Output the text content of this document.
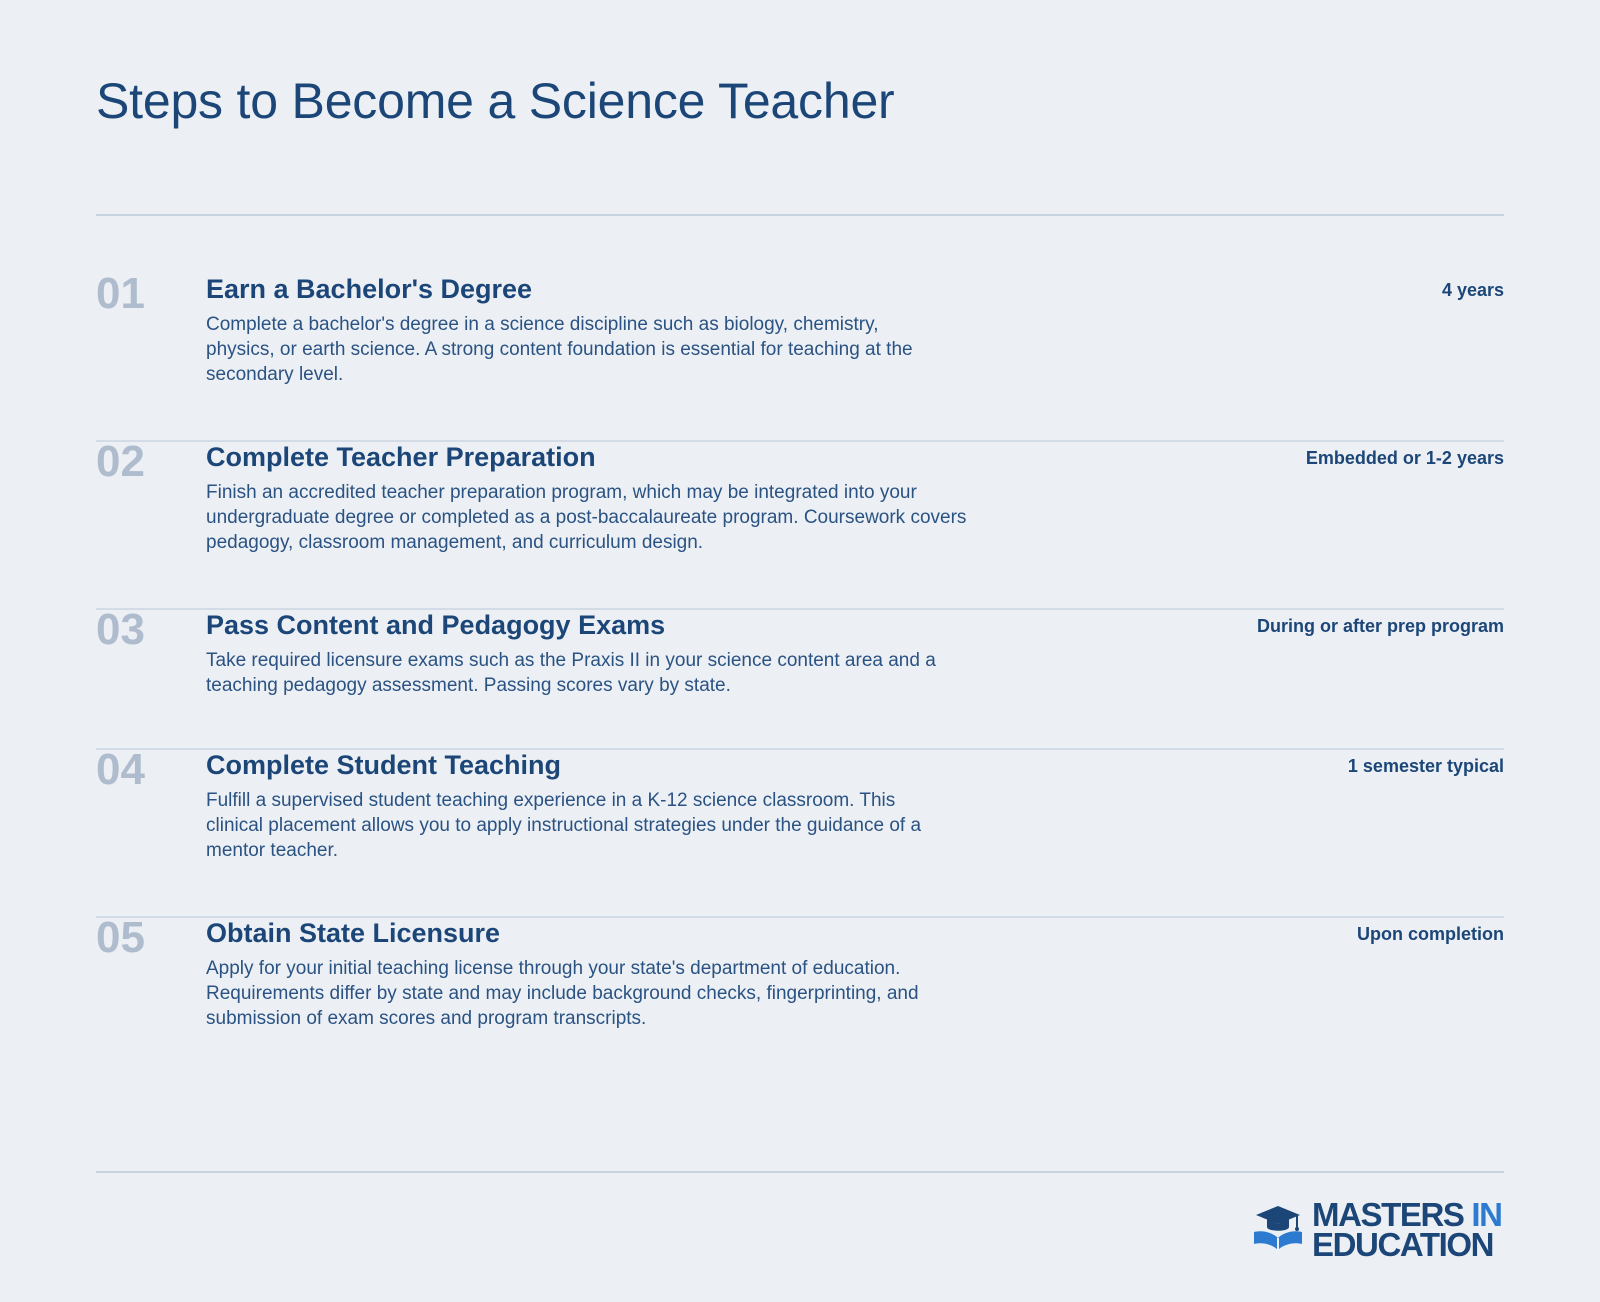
Steps to Become a Science Teacher
01 Earn a Bachelor's Degree

Complete a bachelor's degree in a science discipline such as biology, chemistry, physics, or earth science. A strong content foundation is essential for teaching at the secondary level.

4 years
02 Complete Teacher Preparation

Finish an accredited teacher preparation program, which may be integrated into your undergraduate degree or completed as a post-baccalaureate program. Coursework covers pedagogy, classroom management, and curriculum design.

Embedded or 1-2 years
03 Pass Content and Pedagogy Exams

Take required licensure exams such as the Praxis II in your science content area and a teaching pedagogy assessment. Passing scores vary by state.

During or after prep program
04 Complete Student Teaching

Fulfill a supervised student teaching experience in a K-12 science classroom. This clinical placement allows you to apply instructional strategies under the guidance of a mentor teacher.

1 semester typical
05 Obtain State Licensure

Apply for your initial teaching license through your state's department of education. Requirements differ by state and may include background checks, fingerprinting, and submission of exam scores and program transcripts.

Upon completion
MASTERS IN
EDUCATION
